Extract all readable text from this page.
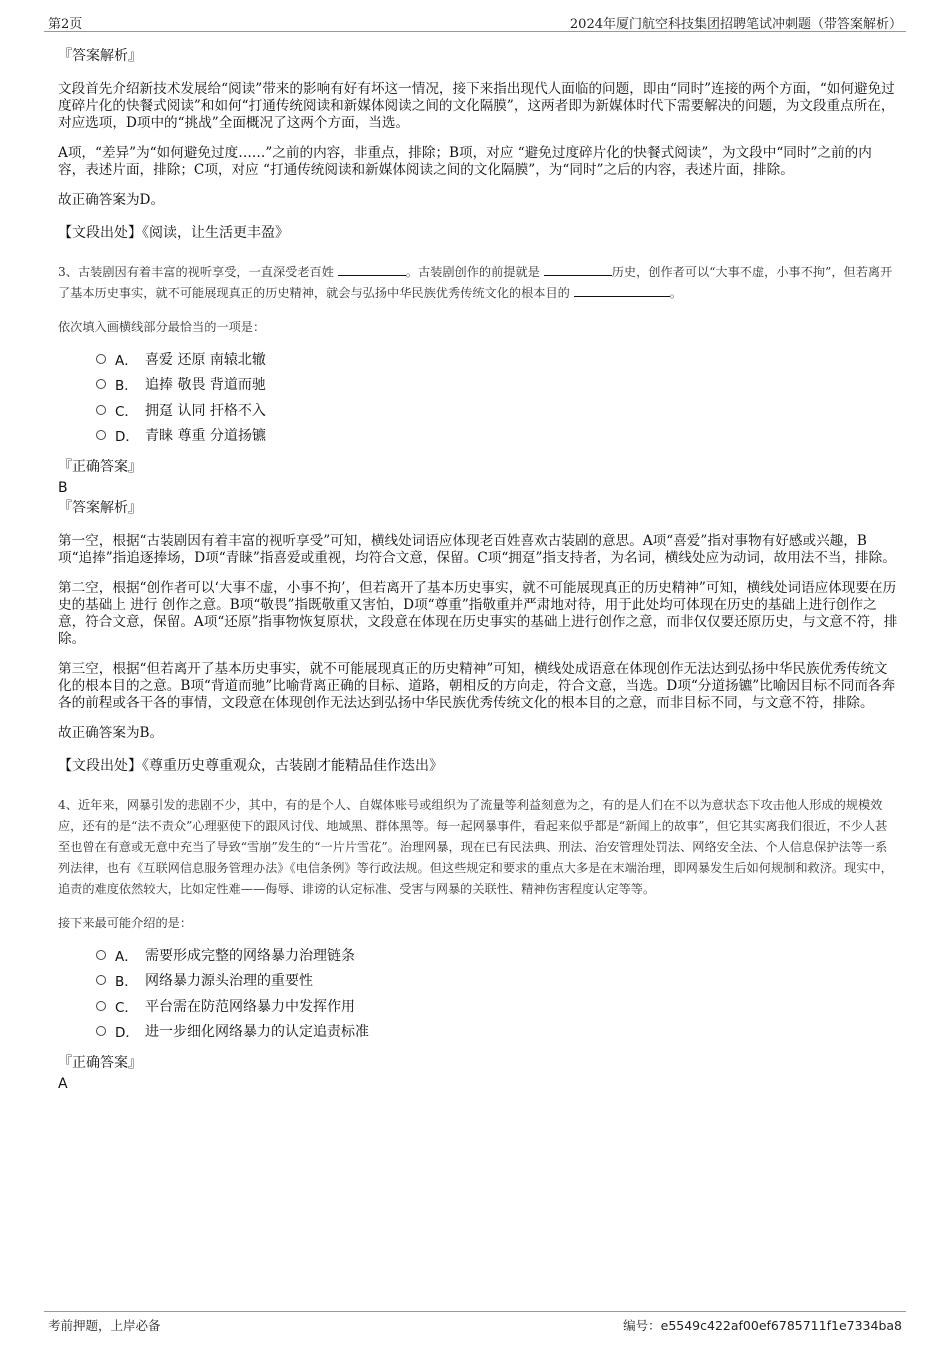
第2页	2024年厦门航空科技集团招聘笔试冲刺题（带答案解析）
『答案解析』

文段首先介绍新技术发展给“阅读”带来的影响有好有坏这一情况，接下来指出现代人面临的问题，即由“同时”连接的两个方面，“如何避免过度碎片化的快餐式阅读”和如何“打通传统阅读和新媒体阅读之间的文化隔膜”，这两者即为新媒体时代下需要解决的问题，为文段重点所在，对应选项，D项中的“挑战”全面概况了这两个方面，当选。

A项，“差异”为“如何避免过度……”之前的内容，非重点，排除；B项，对应 “避免过度碎片化的快餐式阅读”，为文段中“同时”之前的内容，表述片面，排除；C项，对应 “打通传统阅读和新媒体阅读之间的文化隔膜”，为“同时”之后的内容，表述片面，排除。

故正确答案为D。

【文段出处】《阅读，让生活更丰盈》

3、古装剧因有着丰富的视听享受，一直深受老百姓	。古装剧创作的前提就是	历史，创作者可以“大事不虚，小事不拘”，但若离开了基本历史事实，就不可能展现真正的历史精神，就会与弘扬中华民族优秀传统文化的根本目的	。
依次填入画横线部分最恰当的一项是：
A． 喜爱 还原 南辕北辙
B． 追捧 敬畏 背道而驰
C． 拥趸 认同 扞格不入
D． 青睐 尊重 分道扬镳
『正确答案』
B
『答案解析』

第一空，根据“古装剧因有着丰富的视听享受”可知，横线处词语应体现老百姓喜欢古装剧的意思。A项“喜爱”指对事物有好感或兴趣，B项“追捧”指追逐捧场，D项“青睐”指喜爱或重视，均符合文意，保留。C项“拥趸”指支持者，为名词，横线处应为动词，故用法不当，排除。

第二空，根据“创作者可以‘大事不虚，小事不拘’，但若离开了基本历史事实，就不可能展现真正的历史精神”可知，横线处词语应体现要在历史的基础上 进行 创作之意。B项“敬畏”指既敬重又害怕，D项“尊重”指敬重并严肃地对待，用于此处均可体现在历史的基础上进行创作之意，符合文意，保留。A项“还原”指事物恢复原状，文段意在体现在历史事实的基础上进行创作之意，而非仅仅要还原历史，与文意不符，排除。

第三空，根据“但若离开了基本历史事实，就不可能展现真正的历史精神”可知，横线处成语意在体现创作无法达到弘扬中华民族优秀传统文化的根本目的之意。B项“背道而驰”比喻背离正确的目标、道路，朝相反的方向走，符合文意，当选。D项“分道扬镳”比喻因目标不同而各奔各的前程或各干各的事情，文段意在体现创作无法达到弘扬中华民族优秀传统文化的根本目的之意，而非目标不同，与文意不符，排除。

故正确答案为B。

【文段出处】《尊重历史尊重观众，古装剧才能精品佳作迭出》

4、近年来，网暴引发的悲剧不少，其中，有的是个人、自媒体账号或组织为了流量等利益刻意为之，有的是人们在不以为意状态下攻击他人形成的规模效应，还有的是“法不责众”心理驱使下的跟风讨伐、地域黑、群体黑等。每一起网暴事件，看起来似乎都是“新闻上的故事”，但它其实离我们很近，不少人甚至也曾在有意或无意中充当了导致“雪崩”发生的“一片片雪花”。治理网暴，现在已有民法典、刑法、治安管理处罚法、网络安全法、个人信息保护法等一系列法律，也有《互联网信息服务管理办法》《电信条例》等行政法规。但这些规定和要求的重点大多是在末端治理，即网暴发生后如何规制和救济。现实中，追责的难度依然较大，比如定性难——侮辱、诽谤的认定标准、受害与网暴的关联性、精神伤害程度认定等等。
接下来最可能介绍的是：
A． 需要形成完整的网络暴力治理链条
B． 网络暴力源头治理的重要性
C． 平台需在防范网络暴力中发挥作用
D． 进一步细化网络暴力的认定追责标准
『正确答案』
A
考前押题，上岸必备	编号：e5549c422af00ef6785711f1e7334ba8
